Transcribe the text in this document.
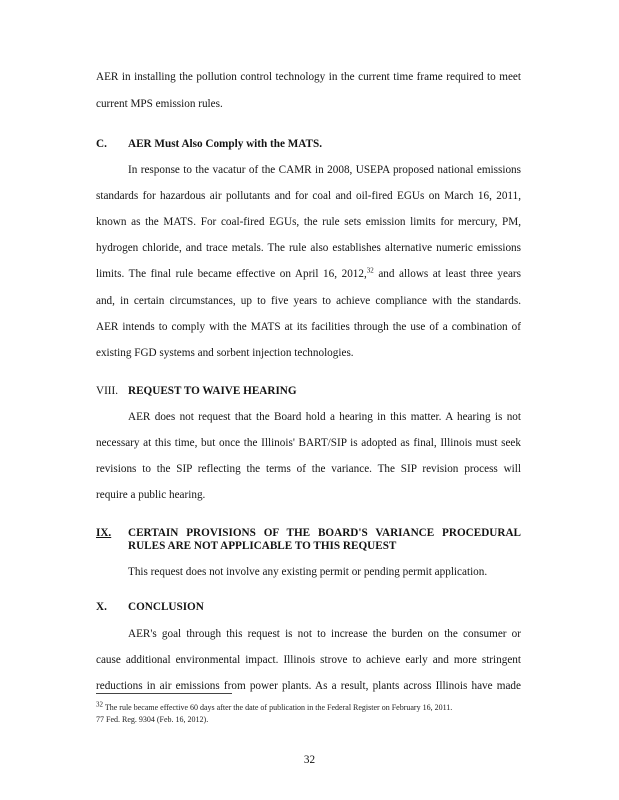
AER in installing the pollution control technology in the current time frame required to meet
current MPS emission rules.
C. AER Must Also Comply with the MATS.
In response to the vacatur of the CAMR in 2008, USEPA proposed national emissions
standards for hazardous air pollutants and for coal and oil-fired EGUs on March 16, 2011,
known as the MATS. For coal-fired EGUs, the rule sets emission limits for mercury, PM,
hydrogen chloride, and trace metals. The rule also establishes alternative numeric emissions
limits. The final rule became effective on April 16, 2012,32 and allows at least three years
and, in certain circumstances, up to five years to achieve compliance with the standards.
AER intends to comply with the MATS at its facilities through the use of a combination of
existing FGD systems and sorbent injection technologies.
VIII. REQUEST TO WAIVE HEARING
AER does not request that the Board hold a hearing in this matter. A hearing is not
necessary at this time, but once the Illinois' BART/SIP is adopted as final, Illinois must seek
revisions to the SIP reflecting the terms of the variance. The SIP revision process will
require a public hearing.
IX. CERTAIN PROVISIONS OF THE BOARD'S VARIANCE PROCEDURAL
RULES ARE NOT APPLICABLE TO THIS REQUEST
This request does not involve any existing permit or pending permit application.
X. CONCLUSION
AER's goal through this request is not to increase the burden on the consumer or
cause additional environmental impact. Illinois strove to achieve early and more stringent
reductions in air emissions from power plants. As a result, plants across Illinois have made
$^{32}$ The rule became effective 60 days after the date of publication in the Federal Register on February 16, 2011.
77 Fed. Reg. 9304 (Feb. 16, 2012).
32
